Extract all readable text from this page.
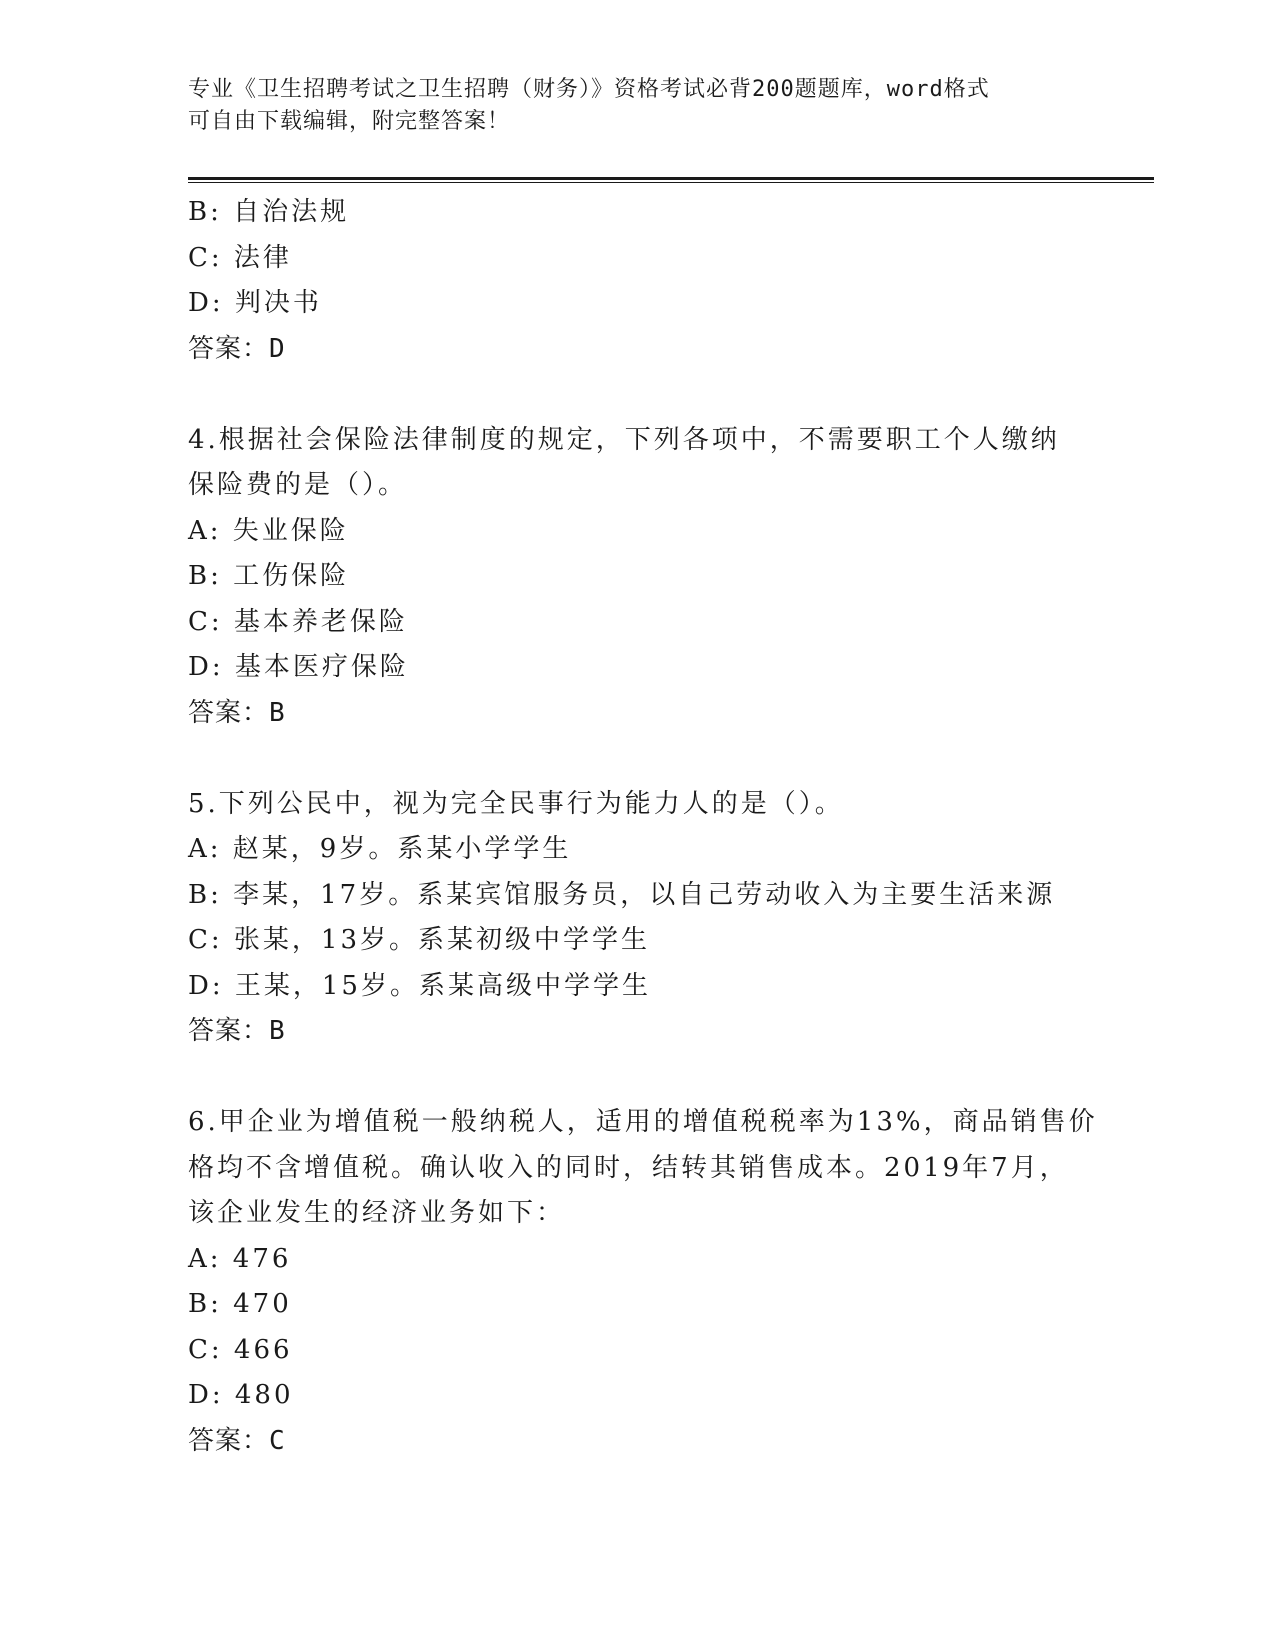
专业《卫生招聘考试之卫生招聘（财务）》资格考试必背200题题库，word格式
可自由下载编辑，附完整答案！
B: 自治法规
C: 法律
D: 判决书
答案：D
4.根据社会保险法律制度的规定，下列各项中，不需要职工个人缴纳
保险费的是（）。
A: 失业保险
B: 工伤保险
C: 基本养老保险
D: 基本医疗保险
答案：B
5.下列公民中，视为完全民事行为能力人的是（）。
A: 赵某，9岁。系某小学学生
B: 李某，17岁。系某宾馆服务员，以自己劳动收入为主要生活来源
C: 张某，13岁。系某初级中学学生
D: 王某，15岁。系某高级中学学生
答案：B
6.甲企业为增值税一般纳税人，适用的增值税税率为13%，商品销售价
格均不含增值税。确认收入的同时，结转其销售成本。2019年7月，
该企业发生的经济业务如下：
A: 476
B: 470
C: 466
D: 480
答案：C
